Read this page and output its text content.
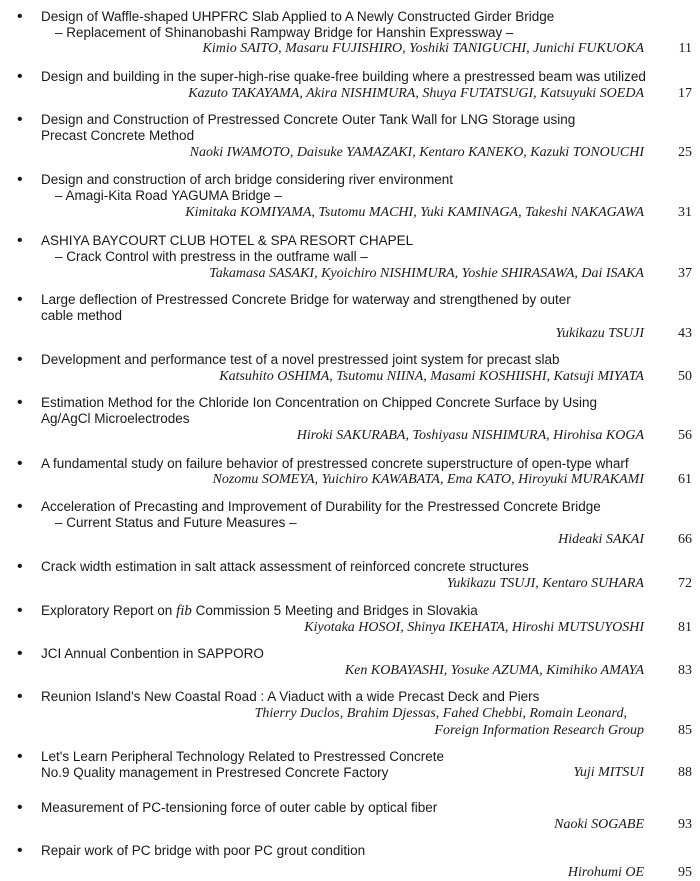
• Design of Waffle-shaped UHPFRC Slab Applied to A Newly Constructed Girder Bridge
– Replacement of Shinanobashi Rampway Bridge for Hanshin Expressway –
Kimio SAITO, Masaru FUJISHIRO, Yoshiki TANIGUCHI, Junichi FUKUOKA	11
• Design and building in the super-high-rise quake-free building where a prestressed beam was utilized
Kazuto TAKAYAMA, Akira NISHIMURA, Shuya FUTATSUGI, Katsuyuki SOEDA	17
• Design and Construction of Prestressed Concrete Outer Tank Wall for LNG Storage using
Precast Concrete Method
Naoki IWAMOTO, Daisuke YAMAZAKI, Kentaro KANEKO, Kazuki TONOUCHI	25
• Design and construction of arch bridge considering river environment
– Amagi-Kita Road YAGUMA Bridge –
Kimitaka KOMIYAMA, Tsutomu MACHI, Yuki KAMINAGA, Takeshi NAKAGAWA	31
• ASHIYA BAYCOURT CLUB HOTEL & SPA RESORT CHAPEL
– Crack Control with prestress in the outframe wall –
Takamasa SASAKI, Kyoichiro NISHIMURA, Yoshie SHIRASAWA, Dai ISAKA	37
• Large deflection of Prestressed Concrete Bridge for waterway and strengthened by outer
cable method
Yukikazu TSUJI	43
• Development and performance test of a novel prestressed joint system for precast slab
Katsuhito OSHIMA, Tsutomu NIINA, Masami KOSHIISHI, Katsuji MIYATA	50
• Estimation Method for the Chloride Ion Concentration on Chipped Concrete Surface by Using
Ag/AgCl Microelectrodes
Hiroki SAKURABA, Toshiyasu NISHIMURA, Hirohisa KOGA	56
• A fundamental study on failure behavior of prestressed concrete superstructure of open-type wharf
Nozomu SOMEYA, Yuichiro KAWABATA, Ema KATO, Hiroyuki MURAKAMI	61
• Acceleration of Precasting and Improvement of Durability for the Prestressed Concrete Bridge
– Current Status and Future Measures –
Hideaki SAKAI	66
• Crack width estimation in salt attack assessment of reinforced concrete structures
Yukikazu TSUJI, Kentaro SUHARA	72
• Exploratory Report on fib Commission 5 Meeting and Bridges in Slovakia
Kiyotaka HOSOI, Shinya IKEHATA, Hiroshi MUTSUYOSHI	81
• JCI Annual Conbention in SAPPORO
Ken KOBAYASHI, Yosuke AZUMA, Kimihiko AMAYA	83
• Reunion Island's New Coastal Road : A Viaduct with a wide Precast Deck and Piers
Thierry Duclos, Brahim Djessas, Fahed Chebbi, Romain Leonard,
Foreign Information Research Group	85
• Let's Learn Peripheral Technology Related to Prestressed Concrete
No.9 Quality management in Prestresed Concrete Factory	Yuji MITSUI	88
• Measurement of PC-tensioning force of outer cable by optical fiber
Naoki SOGABE	93
• Repair work of PC bridge with poor PC grout condition
Hirohumi OE	95
